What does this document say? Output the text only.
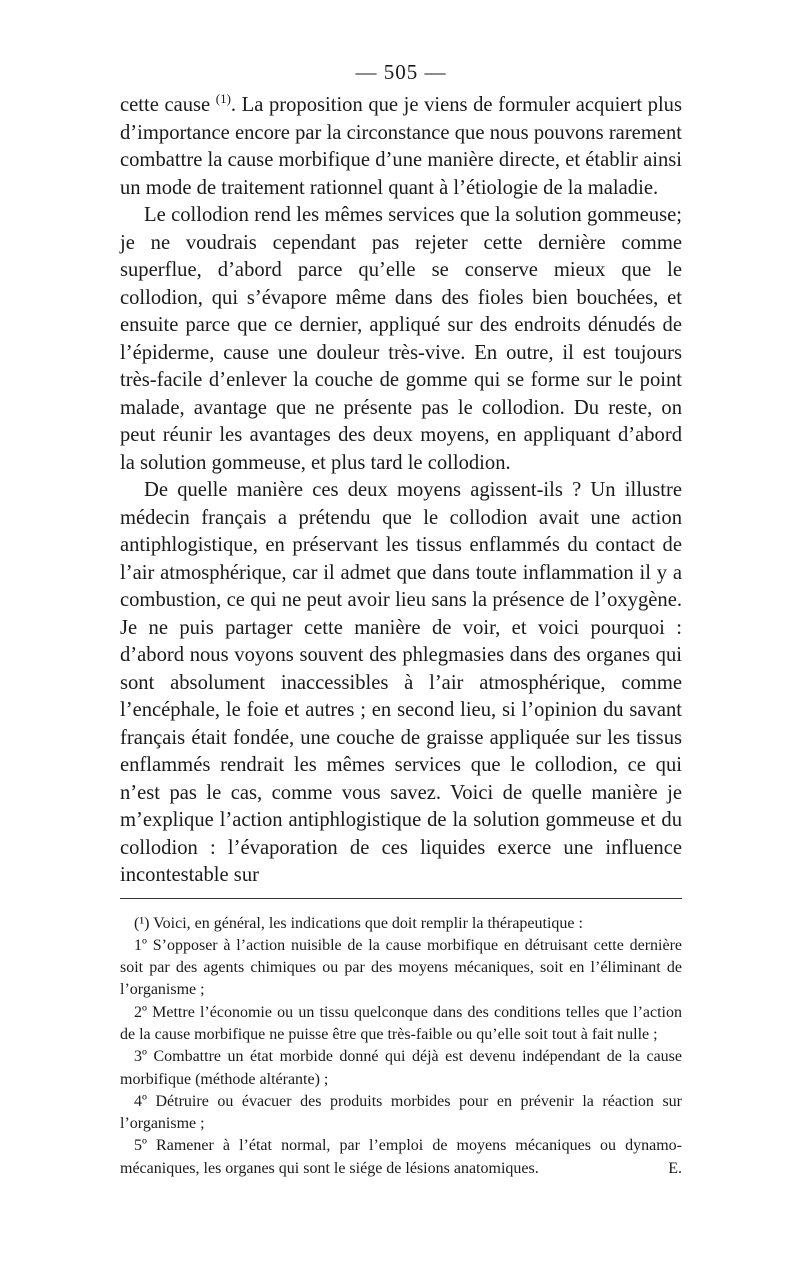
— 505 —

cette cause $^{(1)}$. La proposition que je viens de formuler acquiert plus d’importance encore par la circonstance que nous pouvons rarement combattre la cause morbifique d’une manière directe, et établir ainsi un mode de traitement rationnel quant à l’étiologie de la maladie.

Le collodion rend les mêmes services que la solution gommeuse; je ne voudrais cependant pas rejeter cette dernière comme superflue, d’abord parce qu’elle se conserve mieux que le collodion, qui s’évapore même dans des fioles bien bouchées, et ensuite parce que ce dernier, appliqué sur des endroits dénudés de l’épiderme, cause une douleur très-vive. En outre, il est toujours très-facile d’enlever la couche de gomme qui se forme sur le point malade, avantage que ne présente pas le collodion. Du reste, on peut réunir les avantages des deux moyens, en appliquant d’abord la solution gommeuse, et plus tard le collodion.

De quelle manière ces deux moyens agissent-ils ? Un illustre médecin français a prétendu que le collodion avait une action antiphlogistique, en préservant les tissus enflammés du contact de l’air atmosphérique, car il admet que dans toute inflammation il y a combustion, ce qui ne peut avoir lieu sans la présence de l’oxygène. Je ne puis partager cette manière de voir, et voici pourquoi : d’abord nous voyons souvent des phlegmasies dans des organes qui sont absolument inaccessibles à l’air atmosphérique, comme l’encéphale, le foie et autres ; en second lieu, si l’opinion du savant français était fondée, une couche de graisse appliquée sur les tissus enflammés rendrait les mêmes services que le collodion, ce qui n’est pas le cas, comme vous savez. Voici de quelle manière je m’explique l’action antiphlogistique de la solution gommeuse et du collodion : l’évaporation de ces liquides exerce une influence incontestable sur

(¹) Voici, en général, les indications que doit remplir la thérapeutique :

1º S’opposer à l’action nuisible de la cause morbifique en détruisant cette dernière soit par des agents chimiques ou par des moyens mécaniques, soit en l’éliminant de l’organisme ;

2º Mettre l’économie ou un tissu quelconque dans des conditions telles que l’action de la cause morbifique ne puisse être que très-faible ou qu’elle soit tout à fait nulle ;

3º Combattre un état morbide donné qui déjà est devenu indépendant de la cause morbifique (méthode altérante) ;

4º Détruire ou évacuer des produits morbides pour en prévenir la réaction sur l’organisme ;

5º Ramener à l’état normal, par l’emploi de moyens mécaniques ou dynamo-mécaniques, les organes qui sont le siége de lésions anatomiques.	E.
